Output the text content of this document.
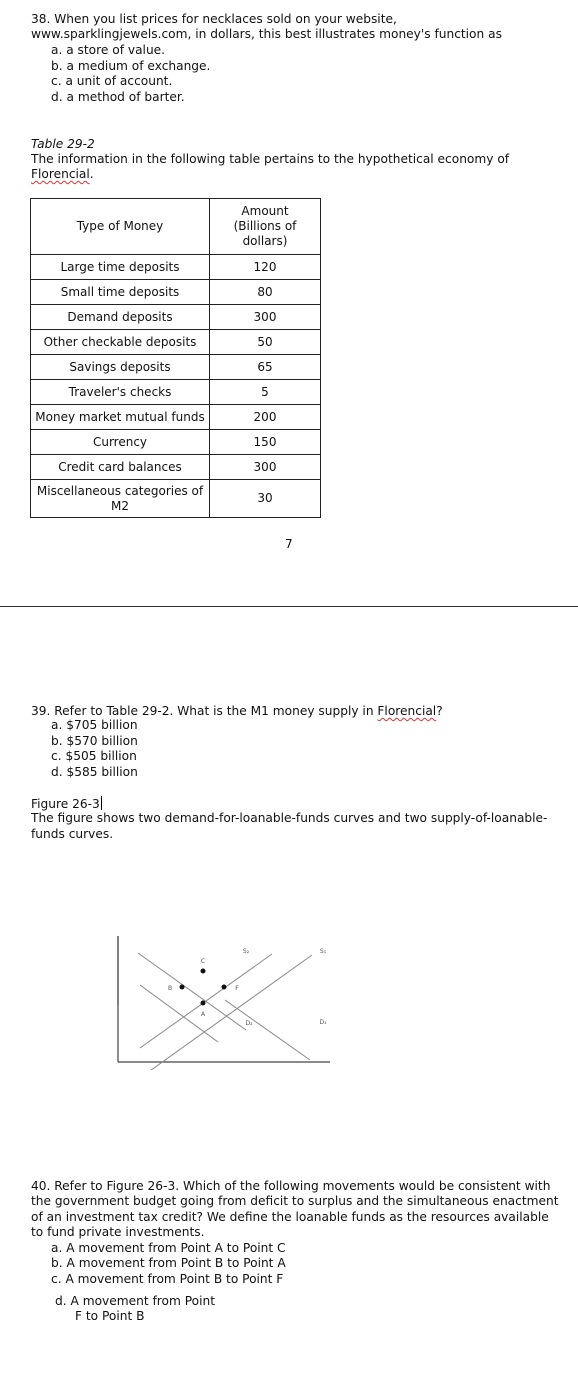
38. When you list prices for necklaces sold on your website,
www.sparklingjewels.com, in dollars, this best illustrates money's function as
a. a store of value.
b. a medium of exchange.
c. a unit of account.
d. a method of barter.
Table 29-2
The information in the following table pertains to the hypothetical economy of
Florencial.
Type of Money	Amount
(Billions of
dollars)

Large time deposits	120
Small time deposits	80
Demand deposits	300
Other checkable deposits	50
Savings deposits	65
Traveler's checks	5
Money market mutual funds	200
Currency	150
Credit card balances	300

Miscellaneous categories of
M2	30
7
39. Refer to Table 29-2. What is the M1 money supply in Florencial?
a. $705 billion
b. $570 billion
c. $505 billion
d. $585 billion
Figure 26-3
The figure shows two demand-for-loanable-funds curves and two supply-of-loanable-
funds curves.
S₂	S₁
D₂	D₁
C
B
A
F
40. Refer to Figure 26-3. Which of the following movements would be consistent with
the government budget going from deficit to surplus and the simultaneous enactment
of an investment tax credit? We define the loanable funds as the resources available
to fund private investments.
a. A movement from Point A to Point C
b. A movement from Point B to Point A
c. A movement from Point B to Point F
d. A movement from Point
F to Point B
